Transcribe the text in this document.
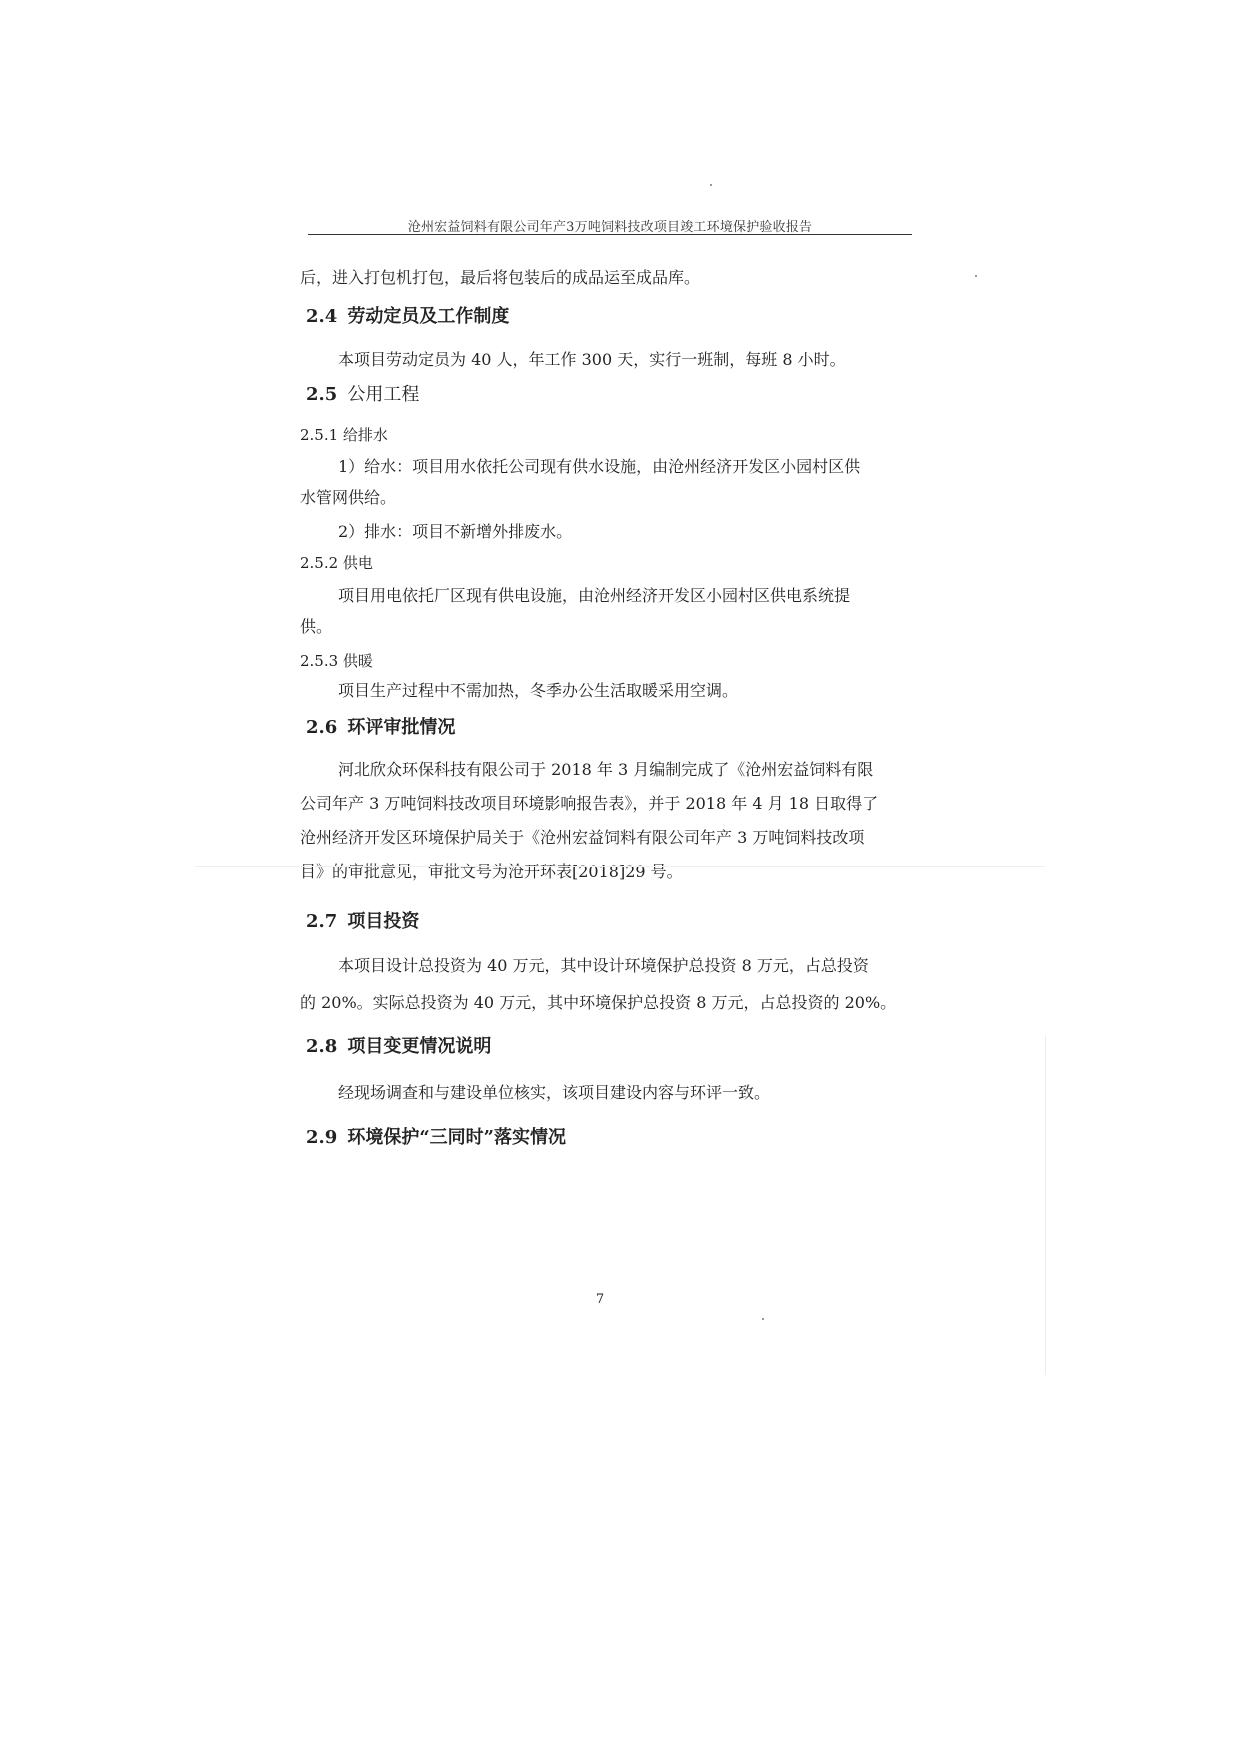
沧州宏益饲料有限公司年产3万吨饲料技改项目竣工环境保护验收报告
后，进入打包机打包，最后将包装后的成品运至成品库。
2.4 劳动定员及工作制度
本项目劳动定员为 40 人，年工作 300 天，实行一班制，每班 8 小时。
2.5 公用工程
2.5.1 给排水
1）给水：项目用水依托公司现有供水设施，由沧州经济开发区小园村区供
水管网供给。
2）排水：项目不新增外排废水。
2.5.2 供电
项目用电依托厂区现有供电设施，由沧州经济开发区小园村区供电系统提
供。
2.5.3 供暖
项目生产过程中不需加热，冬季办公生活取暖采用空调。
2.6 环评审批情况
河北欣众环保科技有限公司于 2018 年 3 月编制完成了《沧州宏益饲料有限
公司年产 3 万吨饲料技改项目环境影响报告表》，并于 2018 年 4 月 18 日取得了
沧州经济开发区环境保护局关于《沧州宏益饲料有限公司年产 3 万吨饲料技改项
目》的审批意见，审批文号为沧开环表[2018]29 号。
2.7 项目投资
本项目设计总投资为 40 万元，其中设计环境保护总投资 8 万元，占总投资
的 20%。实际总投资为 40 万元，其中环境保护总投资 8 万元，占总投资的 20%。
2.8 项目变更情况说明
经现场调查和与建设单位核实，该项目建设内容与环评一致。
2.9 环境保护“三同时”落实情况
7
